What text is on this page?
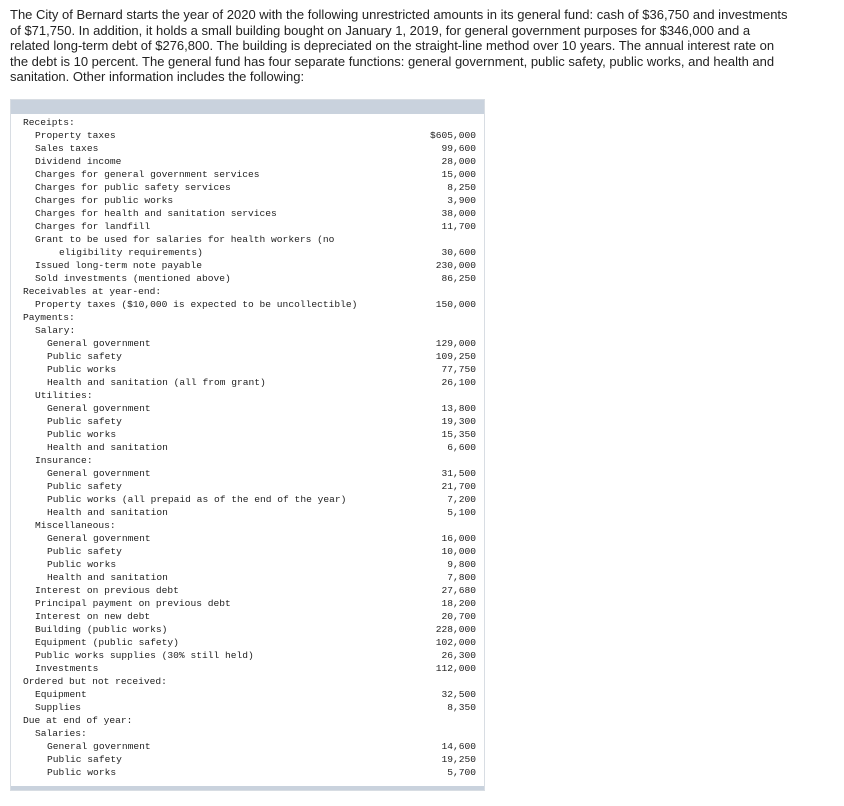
The City of Bernard starts the year of 2020 with the following unrestricted amounts in its general fund: cash of $36,750 and investments of $71,750. In addition, it holds a small building bought on January 1, 2019, for general government purposes for $346,000 and a related long-term debt of $276,800. The building is depreciated on the straight-line method over 10 years. The annual interest rate on the debt is 10 percent. The general fund has four separate functions: general government, public safety, public works, and health and sanitation. Other information includes the following:
Receipts:
Property taxes	$605,000
Sales taxes	99,600
Dividend income	28,000
Charges for general government services	15,000
Charges for public safety services	8,250
Charges for public works	3,900
Charges for health and sanitation services	38,000
Charges for landfill	11,700
Grant to be used for salaries for health workers (no
eligibility requirements)	30,600
Issued long-term note payable	230,000
Sold investments (mentioned above)	86,250
Receivables at year-end:
Property taxes ($10,000 is expected to be uncollectible)	150,000
Payments:
Salary:
General government	129,000
Public safety	109,250
Public works	77,750
Health and sanitation (all from grant)	26,100
Utilities:
General government	13,800
Public safety	19,300
Public works	15,350
Health and sanitation	6,600
Insurance:
General government	31,500
Public safety	21,700
Public works (all prepaid as of the end of the year)	7,200
Health and sanitation	5,100
Miscellaneous:
General government	16,000
Public safety	10,000
Public works	9,800
Health and sanitation	7,800
Interest on previous debt	27,680
Principal payment on previous debt	18,200
Interest on new debt	20,700
Building (public works)	228,000
Equipment (public safety)	102,000
Public works supplies (30% still held)	26,300
Investments	112,000
Ordered but not received:
Equipment	32,500
Supplies	8,350
Due at end of year:
Salaries:
General government	14,600
Public safety	19,250
Public works	5,700
